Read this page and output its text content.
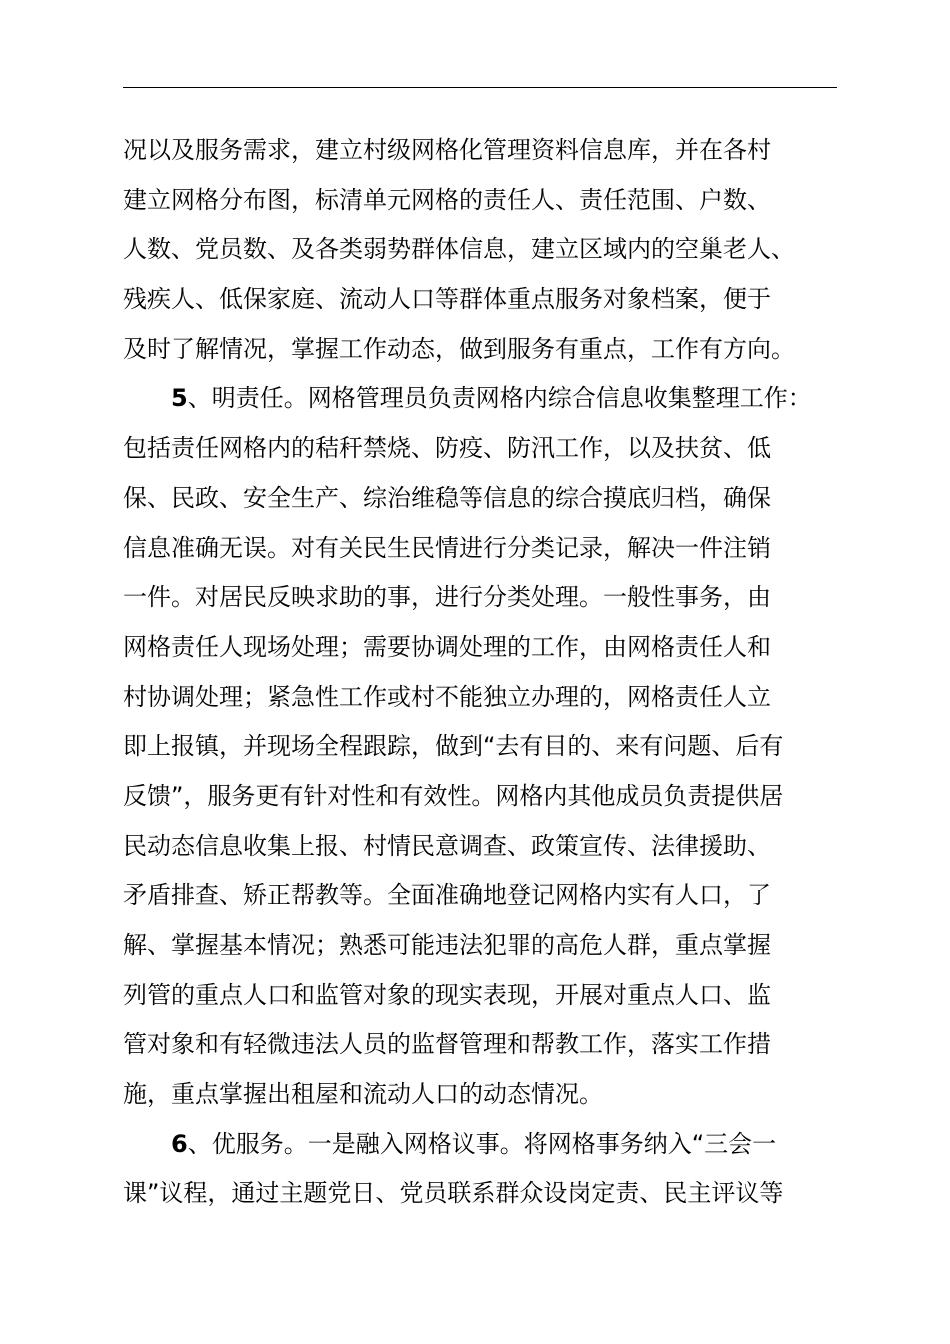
况以及服务需求，建立村级网格化管理资料信息库，并在各村
建立网格分布图，标清单元网格的责任人、责任范围、户数、
人数、党员数、及各类弱势群体信息，建立区域内的空巢老人、
残疾人、低保家庭、流动人口等群体重点服务对象档案，便于
及时了解情况，掌握工作动态，做到服务有重点，工作有方向。
5、明责任。网格管理员负责网格内综合信息收集整理工作：
包括责任网格内的秸秆禁烧、防疫、防汛工作，以及扶贫、低
保、民政、安全生产、综治维稳等信息的综合摸底归档，确保
信息准确无误。对有关民生民情进行分类记录，解决一件注销
一件。对居民反映求助的事，进行分类处理。一般性事务，由
网格责任人现场处理；需要协调处理的工作，由网格责任人和
村协调处理；紧急性工作或村不能独立办理的，网格责任人立
即上报镇，并现场全程跟踪，做到“去有目的、来有问题、后有
反馈”，服务更有针对性和有效性。网格内其他成员负责提供居
民动态信息收集上报、村情民意调查、政策宣传、法律援助、
矛盾排查、矫正帮教等。全面准确地登记网格内实有人口，了
解、掌握基本情况；熟悉可能违法犯罪的高危人群，重点掌握
列管的重点人口和监管对象的现实表现，开展对重点人口、监
管对象和有轻微违法人员的监督管理和帮教工作，落实工作措
施，重点掌握出租屋和流动人口的动态情况。
6、优服务。一是融入网格议事。将网格事务纳入“三会一
课”议程，通过主题党日、党员联系群众设岗定责、民主评议等
